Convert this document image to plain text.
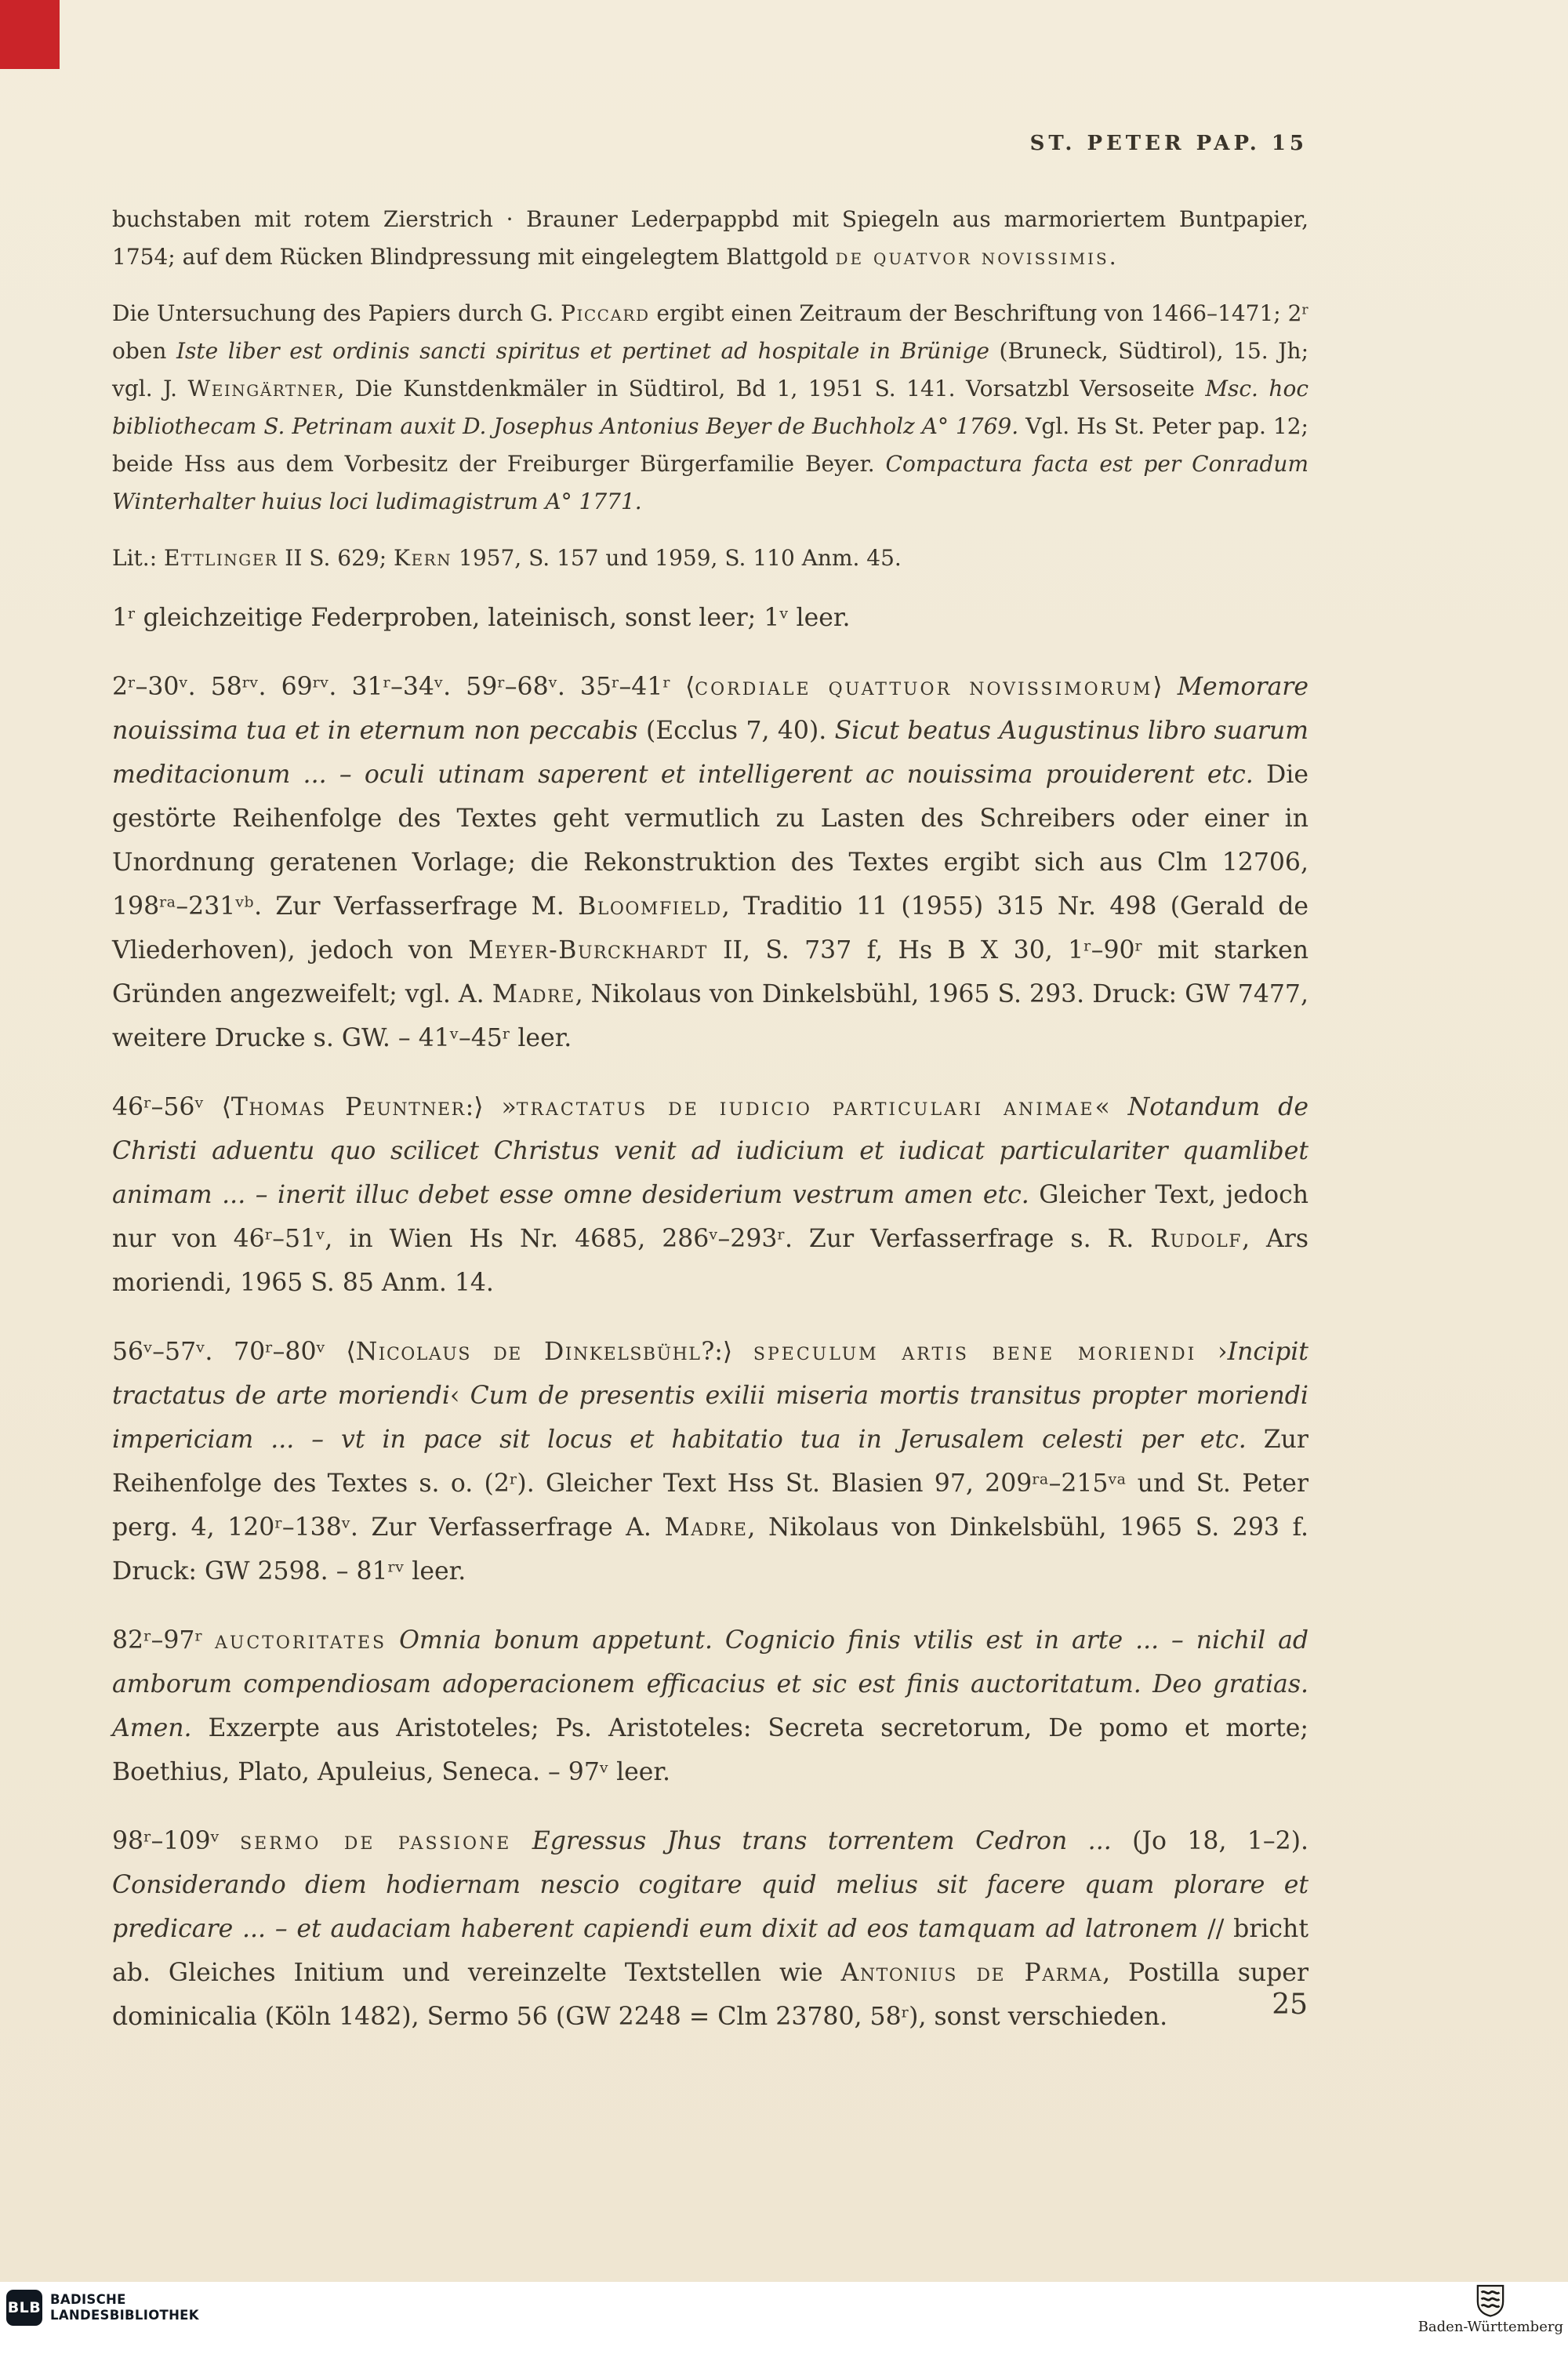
ST. PETER PAP. 15

buchstaben mit rotem Zierstrich · Brauner Lederpappbd mit Spiegeln aus marmoriertem Buntpapier, 1754; auf dem Rücken Blindpressung mit eingelegtem Blattgold de quatvor novissimis.

Die Untersuchung des Papiers durch G. Piccard ergibt einen Zeitraum der Beschriftung von 1466–1471; 2$^r$ oben Iste liber est ordinis sancti spiritus et pertinet ad hospitale in Brünige (Bruneck, Südtirol), 15. Jh; vgl. J. Weingärtner, Die Kunstdenkmäler in Südtirol, Bd 1, 1951 S. 141. Vorsatzbl Versoseite Msc. hoc bibliothecam S. Petrinam auxit D. Josephus Antonius Beyer de Buchholz A° 1769. Vgl. Hs St. Peter pap. 12; beide Hss aus dem Vorbesitz der Freiburger Bürgerfamilie Beyer. Compactura facta est per Conradum Winterhalter huius loci ludimagistrum A° 1771.

Lit.: Ettlinger II S. 629; Kern 1957, S. 157 und 1959, S. 110 Anm. 45.

1$^r$ gleichzeitige Federproben, lateinisch, sonst leer; 1$^v$ leer.

2$^r$–30$^v$. $58^{rv}$. $69^{rv}$. 31$^r$–34$^v$. 59$^r$–68$^v$. 35$^r$–41$^r$ ⟨cordiale quattuor novissimorum⟩ Memorare nouissima tua et in eternum non peccabis (Ecclus 7, 40). Sicut beatus Augustinus libro suarum meditacionum ... – oculi utinam saperent et intelligerent ac nouissima prouiderent etc. Die gestörte Reihenfolge des Textes geht vermutlich zu Lasten des Schreibers oder einer in Unordnung geratenen Vorlage; die Rekonstruktion des Textes ergibt sich aus Clm 12706, $198^{ra}-231^{vb}$. Zur Verfasserfrage M. Bloomfield, Traditio 11 (1955) 315 Nr. 498 (Gerald de Vliederhoven), jedoch von Meyer-Burckhardt II, S. 737 f, Hs B X 30, 1$^r$–90$^r$ mit starken Gründen angezweifelt; vgl. A. Madre, Nikolaus von Dinkelsbühl, 1965 S. 293. Druck: GW 7477, weitere Drucke s. GW. – 41$^v$–45$^r$ leer.

46$^r$–56$^v$ ⟨Thomas Peuntner:⟩ »tractatus de iudicio particulari animae« Notandum de Christi aduentu quo scilicet Christus venit ad iudicium et iudicat particulariter quamlibet animam ... – inerit illuc debet esse omne desiderium vestrum amen etc. Gleicher Text, jedoch nur von 46$^r$–51$^v$, in Wien Hs Nr. 4685, 286$^v$–293$^r$. Zur Verfasserfrage s. R. Rudolf, Ars moriendi, 1965 S. 85 Anm. 14.

56$^v$–57$^v$. 70$^r$–80$^v$ ⟨Nicolaus de Dinkelsbühl?:⟩ speculum artis bene moriendi ›Incipit tractatus de arte moriendi‹ Cum de presentis exilii miseria mortis transitus propter moriendi impericiam ... – vt in pace sit locus et habitatio tua in Jerusalem celesti per etc. Zur Reihenfolge des Textes s. o. (2$^r$). Gleicher Text Hss St. Blasien 97, $209^{ra}-215^{va}$ und St. Peter perg. 4, 120$^r$–138$^v$. Zur Verfasserfrage A. Madre, Nikolaus von Dinkelsbühl, 1965 S. 293 f. Druck: GW 2598. – $81^{rv}$ leer.

82$^r$–97$^r$ auctoritates Omnia bonum appetunt. Cognicio finis vtilis est in arte ... – nichil ad amborum compendiosam adoperacionem efficacius et sic est finis auctoritatum. Deo gratias. Amen. Exzerpte aus Aristoteles; Ps. Aristoteles: Secreta secretorum, De pomo et morte; Boethius, Plato, Apuleius, Seneca. – 97$^v$ leer.

98$^r$–109$^v$ sermo de passione Egressus Jhus trans torrentem Cedron ... (Jo 18, 1–2). Considerando diem hodiernam nescio cogitare quid melius sit facere quam plorare et predicare ... – et audaciam haberent capiendi eum dixit ad eos tamquam ad latronem // bricht ab. Gleiches Initium und vereinzelte Textstellen wie Antonius de Parma, Postilla super dominicalia (Köln 1482), Sermo 56 (GW 2248 = Clm 23780, 58$^r$), sonst verschieden.	25
BLB BADISCHE
LANDESBIBLIOTHEK
Baden-Württemberg
